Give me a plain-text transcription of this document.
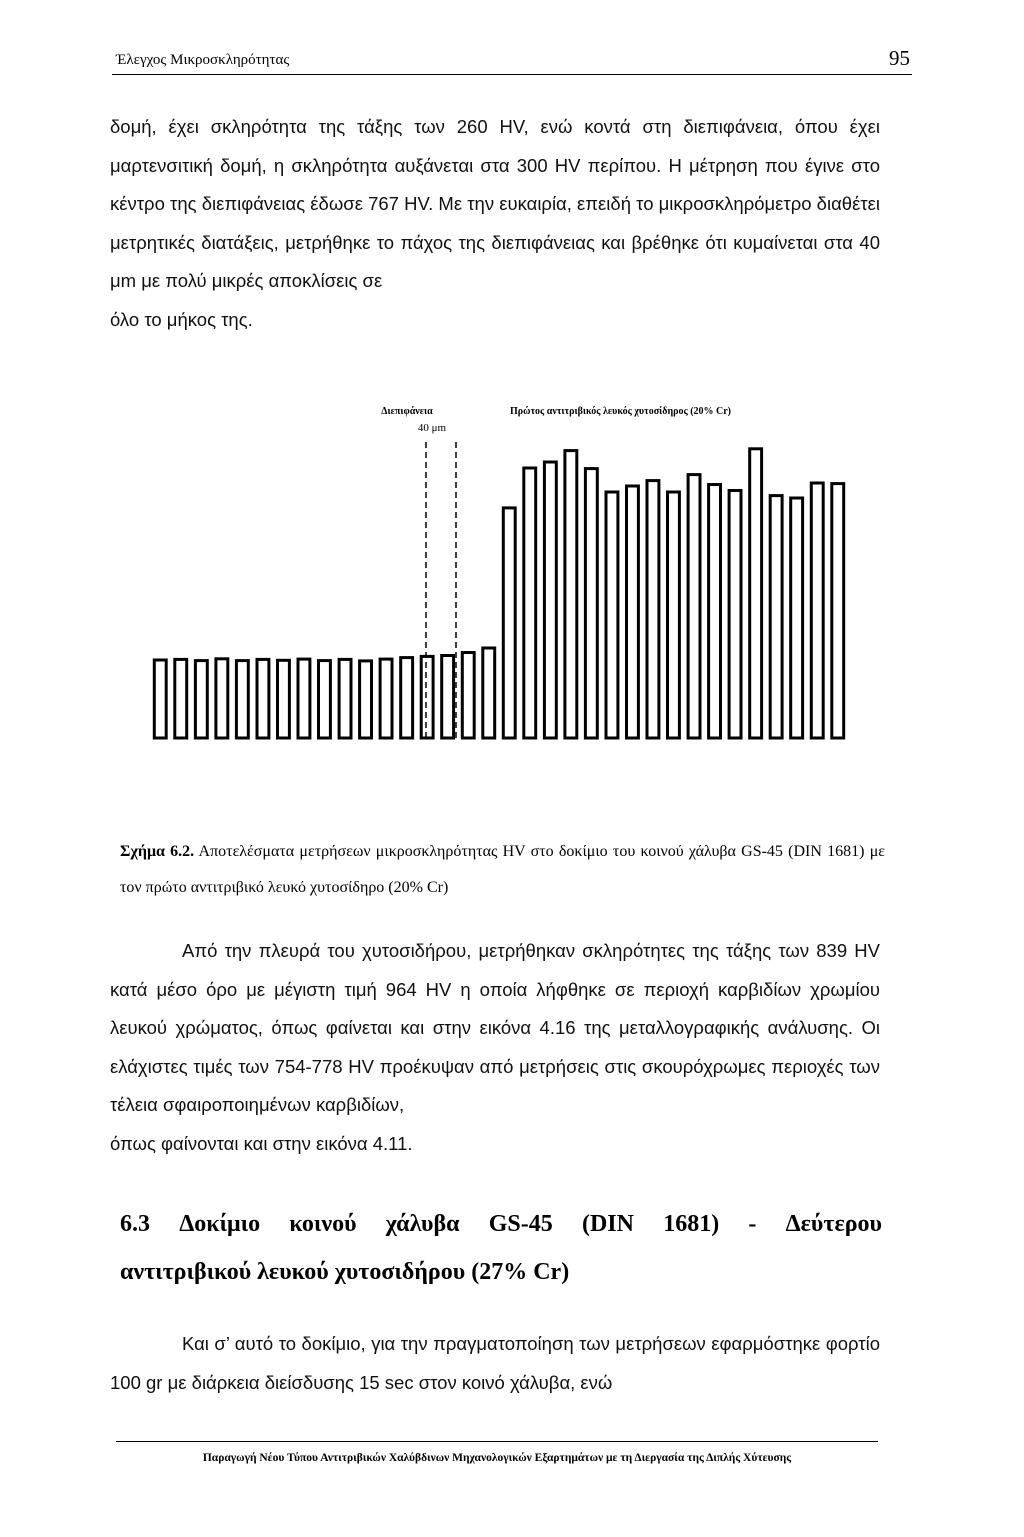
Έλεγχος Μικροσκληρότητας	95

δομή, έχει σκληρότητα της τάξης των 260 HV, ενώ κοντά στη διεπιφάνεια, όπου έχει μαρτενσιτική δομή, η σκληρότητα αυξάνεται στα 300 HV περίπου. Η μέτρηση που έγινε στο κέντρο της διεπιφάνειας έδωσε 767 HV. Με την ευκαιρία, επειδή το μικροσκληρόμετρο διαθέτει μετρητικές διατάξεις, μετρήθηκε το πάχος της διεπιφάνειας και βρέθηκε ότι κυμαίνεται στα 40 μm με πολύ μικρές αποκλίσεις σε
όλο το μήκος της.

Διεπιφάνεια
40 μm
Πρώτος αντιτριβικός λευκός χυτοσίδηρος (20% Cr)

Σχήμα 6.2. Αποτελέσματα μετρήσεων μικροσκληρότητας HV στο δοκίμιο του κοινού χάλυβα GS-45 (DIN 1681) με τον πρώτο αντιτριβικό λευκό χυτοσίδηρο (20% Cr)

Από την πλευρά του χυτοσιδήρου, μετρήθηκαν σκληρότητες της τάξης των 839 HV κατά μέσο όρο με μέγιστη τιμή 964 HV η οποία λήφθηκε σε περιοχή καρβιδίων χρωμίου λευκού χρώματος, όπως φαίνεται και στην εικόνα 4.16 της μεταλλογραφικής ανάλυσης. Οι ελάχιστες τιμές των 754-778 HV προέκυψαν από μετρήσεις στις σκουρόχρωμες περιοχές των τέλεια σφαιροποιημένων καρβιδίων,
όπως φαίνονται και στην εικόνα 4.11.

6.3 Δοκίμιο κοινού χάλυβα GS-45 (DIN 1681) - Δεύτερου
αντιτριβικού λευκού χυτοσιδήρου (27% Cr)

Και σ’ αυτό το δοκίμιο, για την πραγματοποίηση των μετρήσεων εφαρμόστηκε φορτίο 100 gr με διάρκεια διείσδυσης 15 sec στον κοινό χάλυβα, ενώ

Παραγωγή Νέου Τύπου Αντιτριβικών Χαλύβδινων Μηχανολογικών Εξαρτημάτων με τη Διεργασία της Διπλής Χύτευσης
